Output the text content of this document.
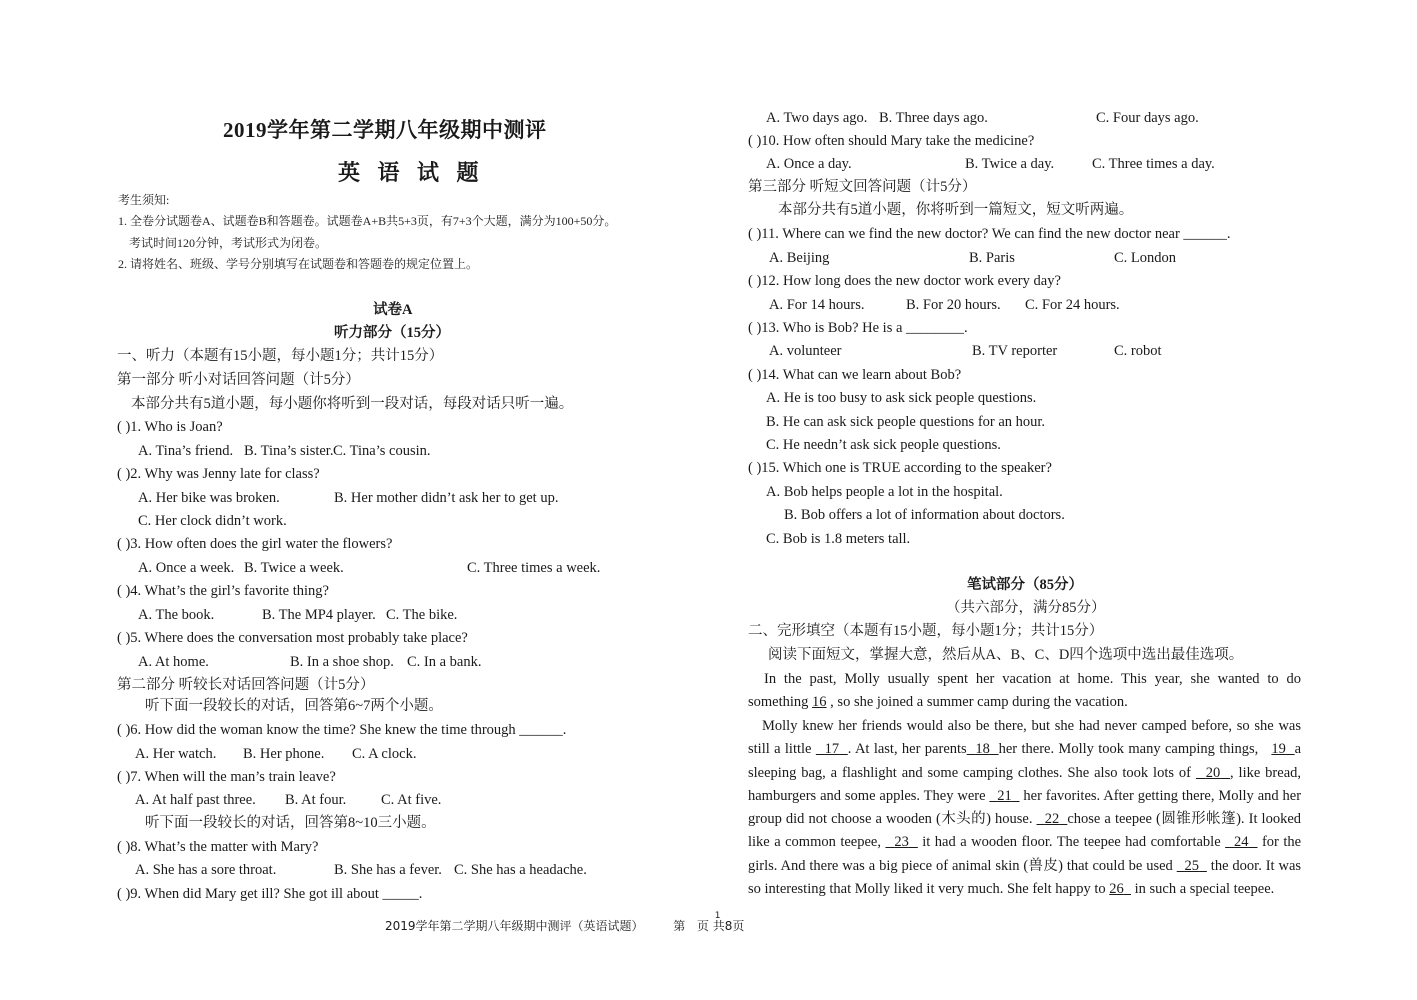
2019学年第二学期八年级期中测评
英 语 试 题
考生须知:
1. 全卷分试题卷A、试题卷B和答题卷。试题卷A+B共5+3页，有7+3个大题，满分为100+50分。
考试时间120分钟，考试形式为闭卷。
2. 请将姓名、班级、学号分别填写在试题卷和答题卷的规定位置上。
试卷A
听力部分（15分）
一、听力（本题有15小题，每小题1分；共计15分）
第一部分 听小对话回答问题（计5分）
本部分共有5道小题，每小题你将听到一段对话，每段对话只听一遍。
( )1. Who is Joan?
A. Tina’s friend. B. Tina’s sister. C. Tina’s cousin.
( )2. Why was Jenny late for class?
A. Her bike was broken.	B. Her mother didn’t ask her to get up.
C. Her clock didn’t work.
( )3. How often does the girl water the flowers?
A. Once a week. B. Twice a week.	C. Three times a week.
( )4. What’s the girl’s favorite thing?
A. The book.	B. The MP4 player. C. The bike.
( )5. Where does the conversation most probably take place?
A. At home.	B. In a shoe shop. C. In a bank.
第二部分 听较长对话回答问题（计5分）
听下面一段较长的对话，回答第6~7两个小题。
( )6. How did the woman know the time? She knew the time through ______.
A. Her watch. B. Her phone. C. A clock.
( )7. When will the man’s train leave?
A. At half past three. B. At four. C. At five.
听下面一段较长的对话，回答第8~10三小题。
( )8. What’s the matter with Mary?
A. She has a sore throat.	B. She has a fever. C. She has a headache.
( )9. When did Mary get ill? She got ill about _____.
2019学年第二学期八年级期中测评（英语试题） 第 页
1
共8页
A. Two days ago. B. Three days ago.	C. Four days ago.
( )10. How often should Mary take the medicine?
A. Once a day.	B. Twice a day.	C. Three times a day.
第三部分 听短文回答问题（计5分）
本部分共有5道小题，你将听到一篇短文，短文听两遍。
( )11. Where can we find the new doctor? We can find the new doctor near ______.
A. Beijing	B. Paris	C. London
( )12. How long does the new doctor work every day?
A. For 14 hours.	B. For 20 hours. C. For 24 hours.
( )13. Who is Bob? He is a ________.
A. volunteer	B. TV reporter	C. robot
( )14. What can we learn about Bob?
A. He is too busy to ask sick people questions.
B. He can ask sick people questions for an hour.
C. He needn’t ask sick people questions.
( )15. Which one is TRUE according to the speaker?
A. Bob helps people a lot in the hospital.
B. Bob offers a lot of information about doctors.
C. Bob is 1.8 meters tall.
笔试部分（85分）
（共六部分，满分85分）
二、完形填空（本题有15小题，每小题1分；共计15分）
阅读下面短文，掌握大意，然后从A、B、C、D四个选项中选出最佳选项。
In the past, Molly usually spent her vacation at home. This year, she wanted to do something 16 , so she joined a summer camp during the vacation.
Molly knew her friends would also be there, but she had never camped before, so she was still a little 17 . At last, her parents 18 her there. Molly took many camping things, 19 a sleeping bag, a flashlight and some camping clothes. She also took lots of 20 , like bread, hamburgers and some apples. They were 21 her favorites. After getting there, Molly and her group did not choose a wooden (木头的) house. 22 chose a teepee (圆锥形帐篷). It looked like a common teepee, 23 it had a wooden floor. The teepee had comfortable 24 for the girls. And there was a big piece of animal skin (兽皮) that could be used 25 the door. It was so interesting that Molly liked it very much. She felt happy to 26 in such a special teepee.
